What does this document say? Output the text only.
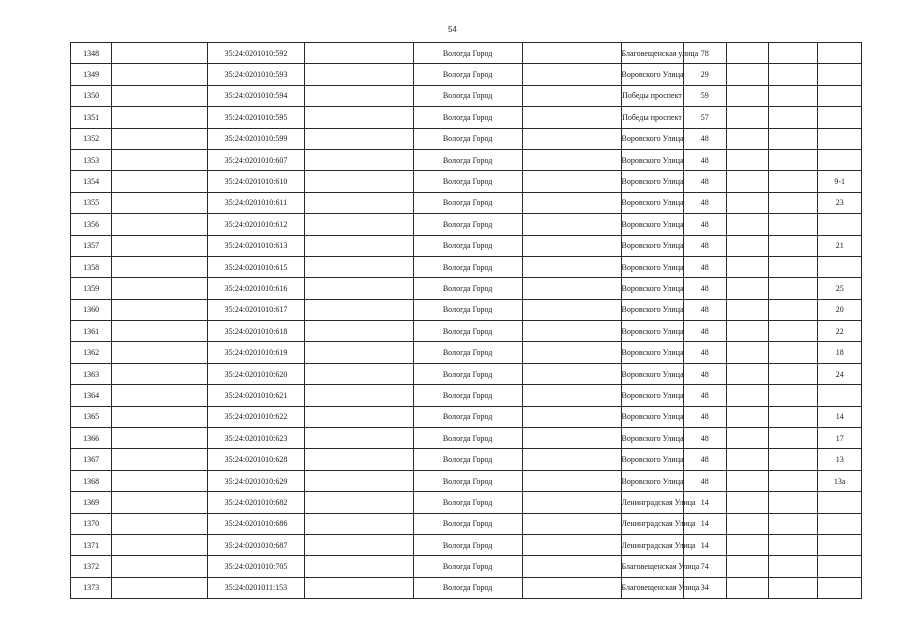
54
1348		35:24:0201010:592		Вологда Город		Благовещенская улица	78			
1349		35:24:0201010:593		Вологда Город		Воровского Улица	29			
1350		35:24:0201010:594		Вологда Город		Победы проспект	59			
1351		35:24:0201010:595		Вологда Город		Победы проспект	57			
1352		35:24:0201010:599		Вологда Город		Воровского Улица	48			
1353		35:24:0201010:607		Вологда Город		Воровского Улица	48			
1354		35:24:0201010:610		Вологда Город		Воровского Улица	48			9-1
1355		35:24:0201010:611		Вологда Город		Воровского Улица	48			23
1356		35:24:0201010:612		Вологда Город		Воровского Улица	48			
1357		35:24:0201010:613		Вологда Город		Воровского Улица	48			21
1358		35:24:0201010:615		Вологда Город		Воровского Улица	48			
1359		35:24:0201010:616		Вологда Город		Воровского Улица	48			25
1360		35:24:0201010:617		Вологда Город		Воровского Улица	48			20
1361		35:24:0201010:618		Вологда Город		Воровского Улица	48			22
1362		35:24:0201010:619		Вологда Город		Воровского Улица	48			18
1363		35:24:0201010:620		Вологда Город		Воровского Улица	48			24
1364		35:24:0201010:621		Вологда Город		Воровского Улица	48			
1365		35:24:0201010:622		Вологда Город		Воровского Улица	48			14
1366		35:24:0201010:623		Вологда Город		Воровского Улица	48			17
1367		35:24:0201010:628		Вологда Город		Воровского Улица	48			13
1368		35:24:0201010:629		Вологда Город		Воровского Улица	48			13а
1369		35:24:0201010:682		Вологда Город		Ленинградская Улица	14			
1370		35:24:0201010:686		Вологда Город		Ленинградская Улица	14			
1371		35:24:0201010:687		Вологда Город		Ленинградская Улица	14			
1372		35:24:0201010:705		Вологда Город		Благовещенская Улица	74			
1373		35:24:0201011:153		Вологда Город		Благовещенская Улица	34			
